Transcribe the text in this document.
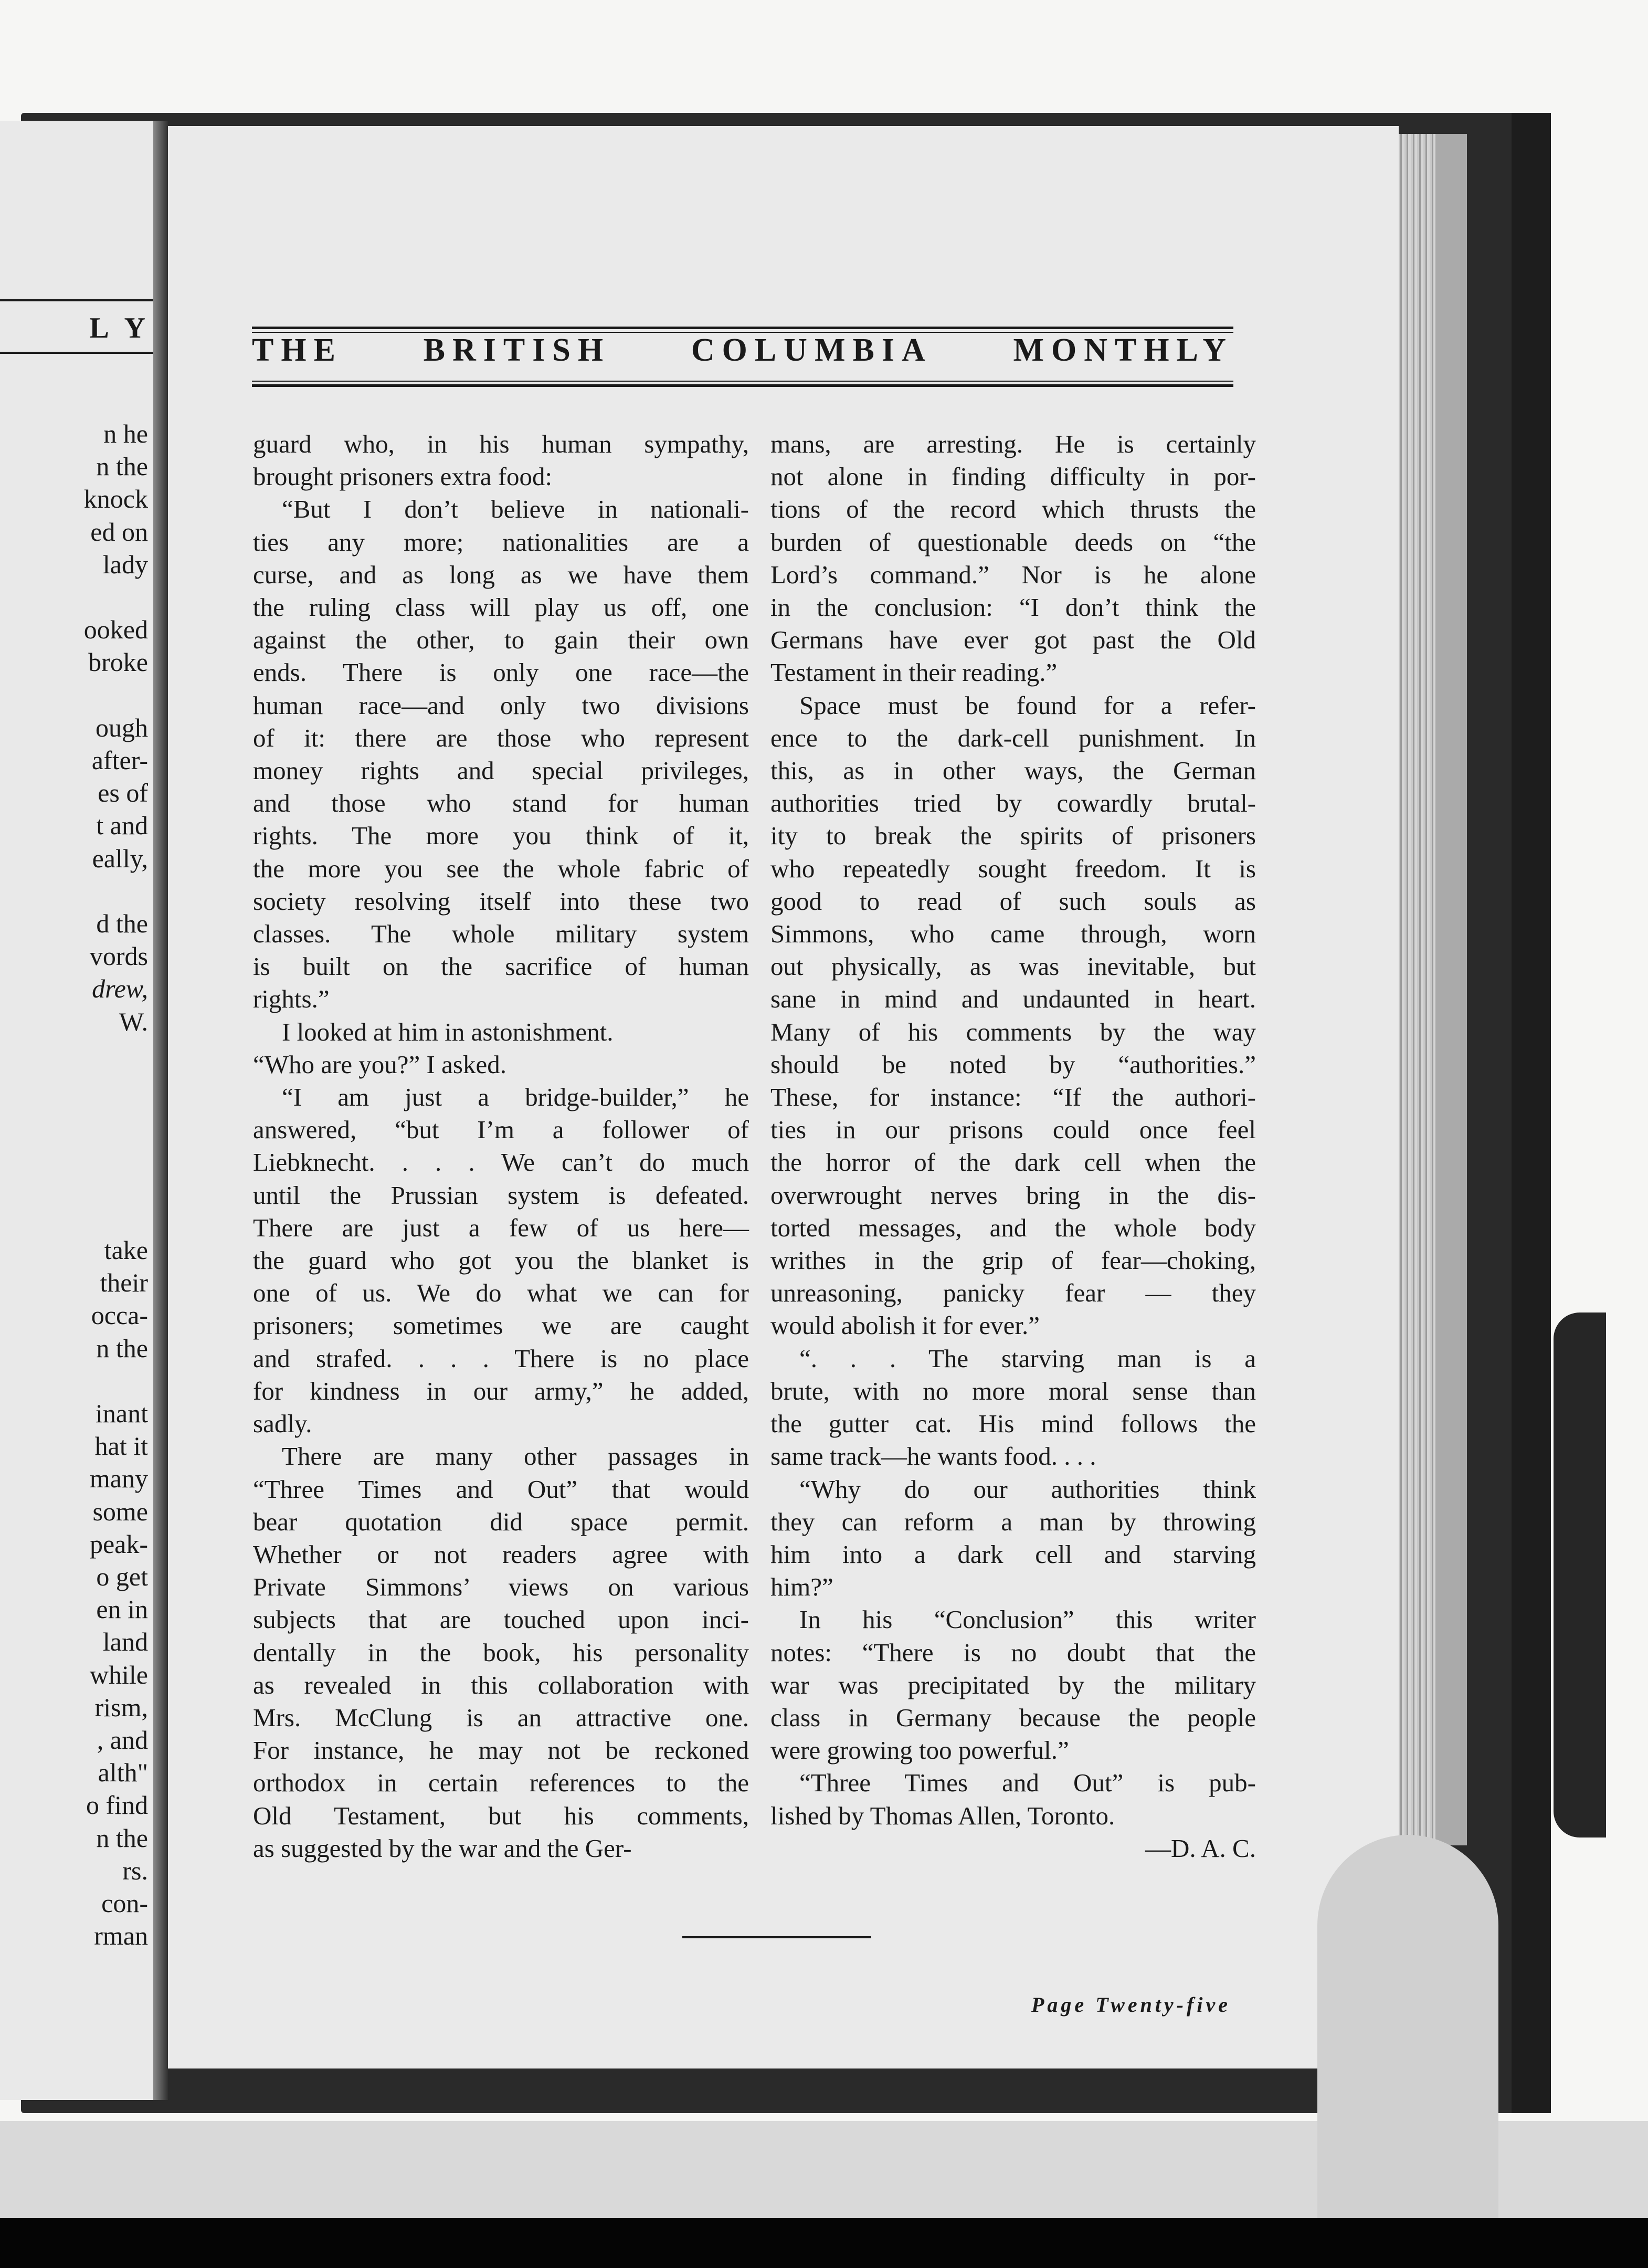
L Y
n he
n the
knock
ed on
lady
ooked
broke
ough
after-
es of
t and
eally,
d the
vords
drew,
W.
take
their
occa-
n the
inant
hat it
many
some
peak-
o get
en in
land
while
rism,
, and
alth"
o find
n the
rs.
con-
rman
THE BRITISH COLUMBIA MONTHLY
guard who, in his human sympathy,
brought prisoners extra food:
“But I don’t believe in nationali-
ties any more; nationalities are a
curse, and as long as we have them
the ruling class will play us off, one
against the other, to gain their own
ends. There is only one race—the
human race—and only two divisions
of it: there are those who represent
money rights and special privileges,
and those who stand for human
rights. The more you think of it,
the more you see the whole fabric of
society resolving itself into these two
classes. The whole military system
is built on the sacrifice of human
rights.”
I looked at him in astonishment.
“Who are you?” I asked.
“I am just a bridge-builder,” he
answered, “but I’m a follower of
Liebknecht. . . . We can’t do much
until the Prussian system is defeated.
There are just a few of us here—
the guard who got you the blanket is
one of us. We do what we can for
prisoners; sometimes we are caught
and strafed. . . . There is no place
for kindness in our army,” he added,
sadly.
There are many other passages in
“Three Times and Out” that would
bear quotation did space permit.
Whether or not readers agree with
Private Simmons’ views on various
subjects that are touched upon inci-
dentally in the book, his personality
as revealed in this collaboration with
Mrs. McClung is an attractive one.
For instance, he may not be reckoned
orthodox in certain references to the
Old Testament, but his comments,
as suggested by the war and the Ger-
mans, are arresting. He is certainly
not alone in finding difficulty in por-
tions of the record which thrusts the
burden of questionable deeds on “the
Lord’s command.” Nor is he alone
in the conclusion: “I don’t think the
Germans have ever got past the Old
Testament in their reading.”
Space must be found for a refer-
ence to the dark-cell punishment. In
this, as in other ways, the German
authorities tried by cowardly brutal-
ity to break the spirits of prisoners
who repeatedly sought freedom. It is
good to read of such souls as
Simmons, who came through, worn
out physically, as was inevitable, but
sane in mind and undaunted in heart.
Many of his comments by the way
should be noted by “authorities.”
These, for instance: “If the authori-
ties in our prisons could once feel
the horror of the dark cell when the
overwrought nerves bring in the dis-
torted messages, and the whole body
writhes in the grip of fear—choking,
unreasoning, panicky fear — they
would abolish it for ever.”
“. . . The starving man is a
brute, with no more moral sense than
the gutter cat. His mind follows the
same track—he wants food. . . .
“Why do our authorities think
they can reform a man by throwing
him into a dark cell and starving
him?”
In his “Conclusion” this writer
notes: “There is no doubt that the
war was precipitated by the military
class in Germany because the people
were growing too powerful.”
“Three Times and Out” is pub-
lished by Thomas Allen, Toronto.
—D. A. C.
Page Twenty-five
